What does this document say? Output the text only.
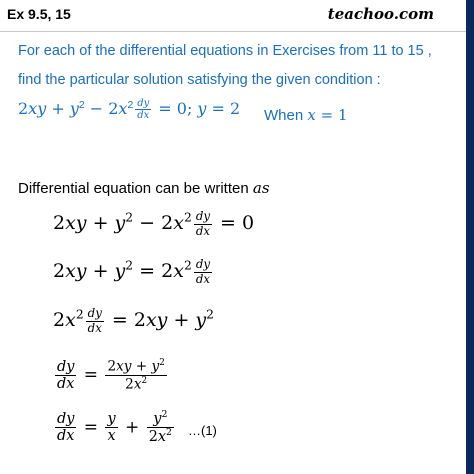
Ex 9.5, 15	teachoo.com
For each of the differential equations in Exercises from 11 to 15 ,
find the particular solution satisfying the given condition :
$2xy + y^2 - 2x^2 \frac{dy}{dx} = 0$; y = 2 When x = 1
Differential equation can be written as
$2xy + y^2 - 2x^2 \frac{dy}{dx} = 0$
$2xy + y^2 = 2x^2 \frac{dy}{dx}$
$2x^2 \frac{dy}{dx} = 2xy + y^2$
$\frac{dy}{dx} = \frac{2xy + y^2}{2x^2}$
$\frac{dy}{dx} = \frac{y}{x} + \frac{y^2}{2x^2}$ …(1)
